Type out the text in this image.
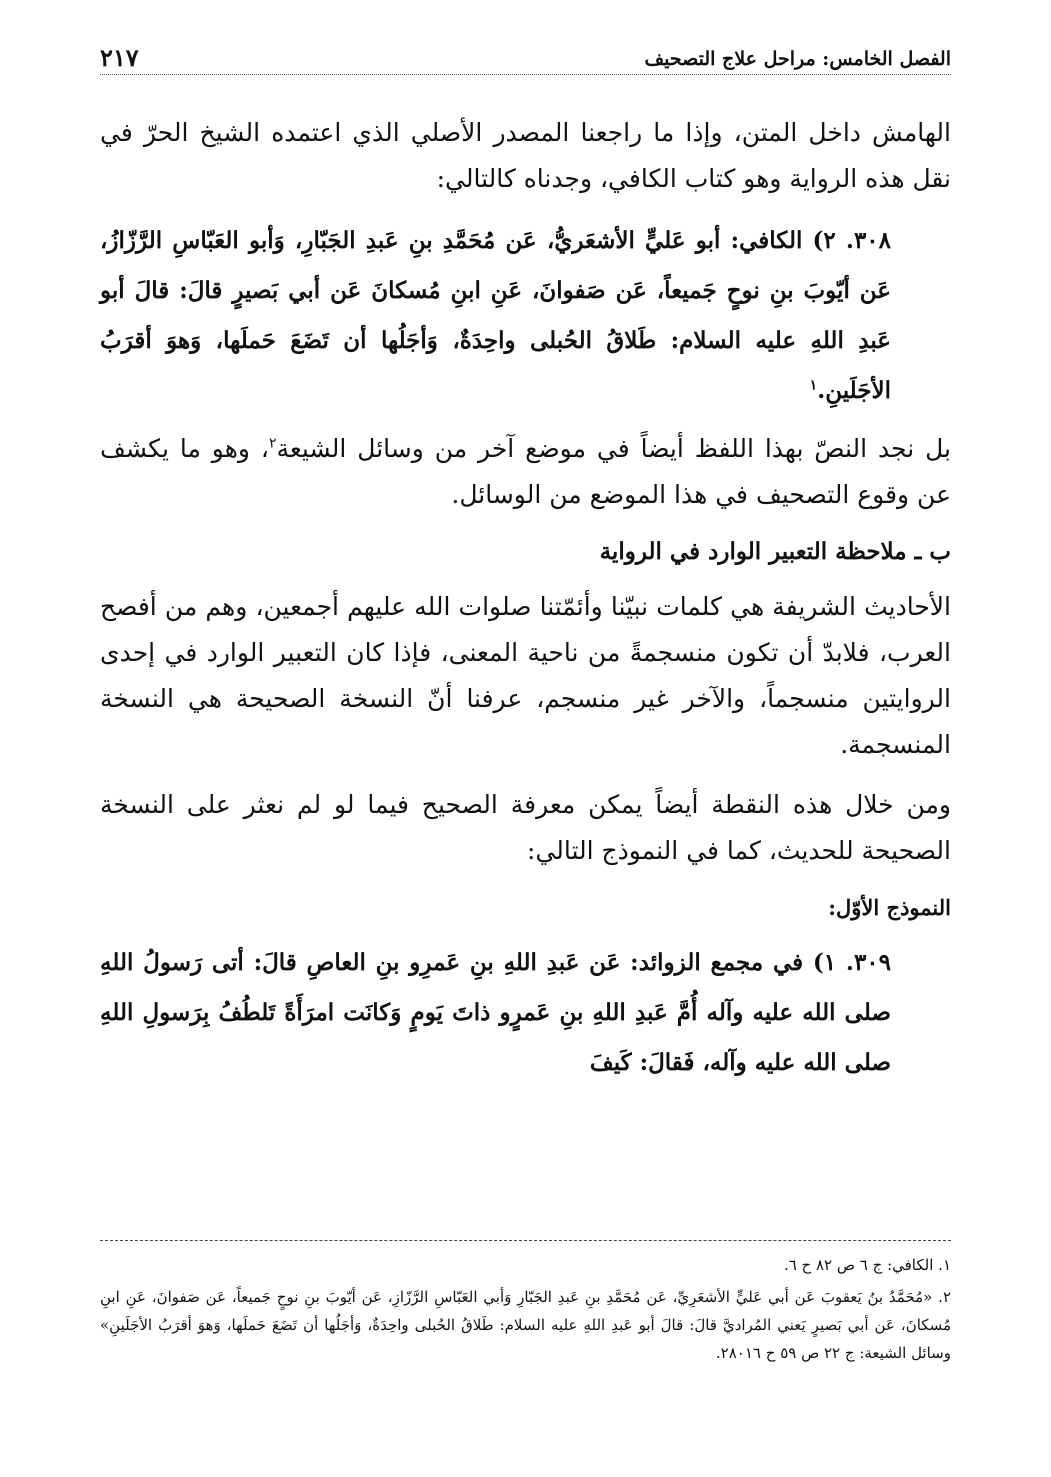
الفصل الخامس: مراحل علاج التصحيف
٢١٧

الهامش داخل المتن، وإذا ما راجعنا المصدر الأصلي الذي اعتمده الشيخ الحرّ في نقل هذه الرواية وهو كتاب الكافي، وجدناه كالتالي:

٣٠٨. ٢) الكافي: أبو عَليٍّ الأشعَريُّ، عَن مُحَمَّدِ بنِ عَبدِ الجَبّارِ، وَأبو العَبّاسِ الرَّزّازُ، عَن أيّوبَ بنِ نوحٍ جَميعاً، عَن صَفوانَ، عَنِ ابنِ مُسكانَ عَن أبي بَصيرٍ قالَ: قالَ أبو عَبدِ اللهِ عليه السلام: طَلاقُ الحُبلى واحِدَةٌ، وَأجَلُها أن تَضَعَ حَملَها، وَهوَ أقرَبُ الأجَلَينِ.$^١$

بل نجد النصّ بهذا اللفظ أيضاً في موضع آخر من وسائل الشيعة$^٢$، وهو ما يكشف عن وقوع التصحيف في هذا الموضع من الوسائل.

ب ـ ملاحظة التعبير الوارد في الرواية

الأحاديث الشريفة هي كلمات نبيّنا وأئمّتنا صلوات الله عليهم أجمعين، وهم من أفصح العرب، فلابدّ أن تكون منسجمةً من ناحية المعنى، فإذا كان التعبير الوارد في إحدى الروايتين منسجماً، والآخر غير منسجم، عرفنا أنّ النسخة الصحيحة هي النسخة المنسجمة.

ومن خلال هذه النقطة أيضاً يمكن معرفة الصحيح فيما لو لم نعثر على النسخة الصحيحة للحديث، كما في النموذج التالي:

النموذج الأوّل:

٣٠٩. ١) في مجمع الزوائد: عَن عَبدِ اللهِ بنِ عَمرِو بنِ العاصِ قالَ: أتى رَسولُ اللهِ صلى الله عليه وآله أُمَّ عَبدِ اللهِ بنِ عَمرٍو ذاتَ يَومٍ وَكانَت امرَأَةً تَلطُفُ بِرَسولِ اللهِ صلى الله عليه وآله، فَقالَ: كَيفَ

١. الكافي: ج ٦ ص ٨٢ ح ٦.

٢. «مُحَمَّدُ بنُ يَعقوبَ عَن أبي عَليٍّ الأشعَرِيِّ، عَن مُحَمَّدِ بنِ عَبدِ الجَبّارِ وَأبي العَبّاسِ الرَّزّازِ، عَن أيّوبَ بنِ نوحٍ جَميعاً، عَن صَفوانَ، عَنِ ابنِ مُسكانَ، عَن أبي بَصيرٍ يَعني المُراديَّ قالَ: قالَ أبو عَبدِ اللهِ عليه السلام: طَلاقُ الحُبلى واحِدَةٌ، وَأجَلُها أن تَضَعَ حَملَها، وَهوَ أقرَبُ الأجَلَينِ» وسائل الشيعة: ج ٢٢ ص ٥٩ ح ٢٨٠١٦.
